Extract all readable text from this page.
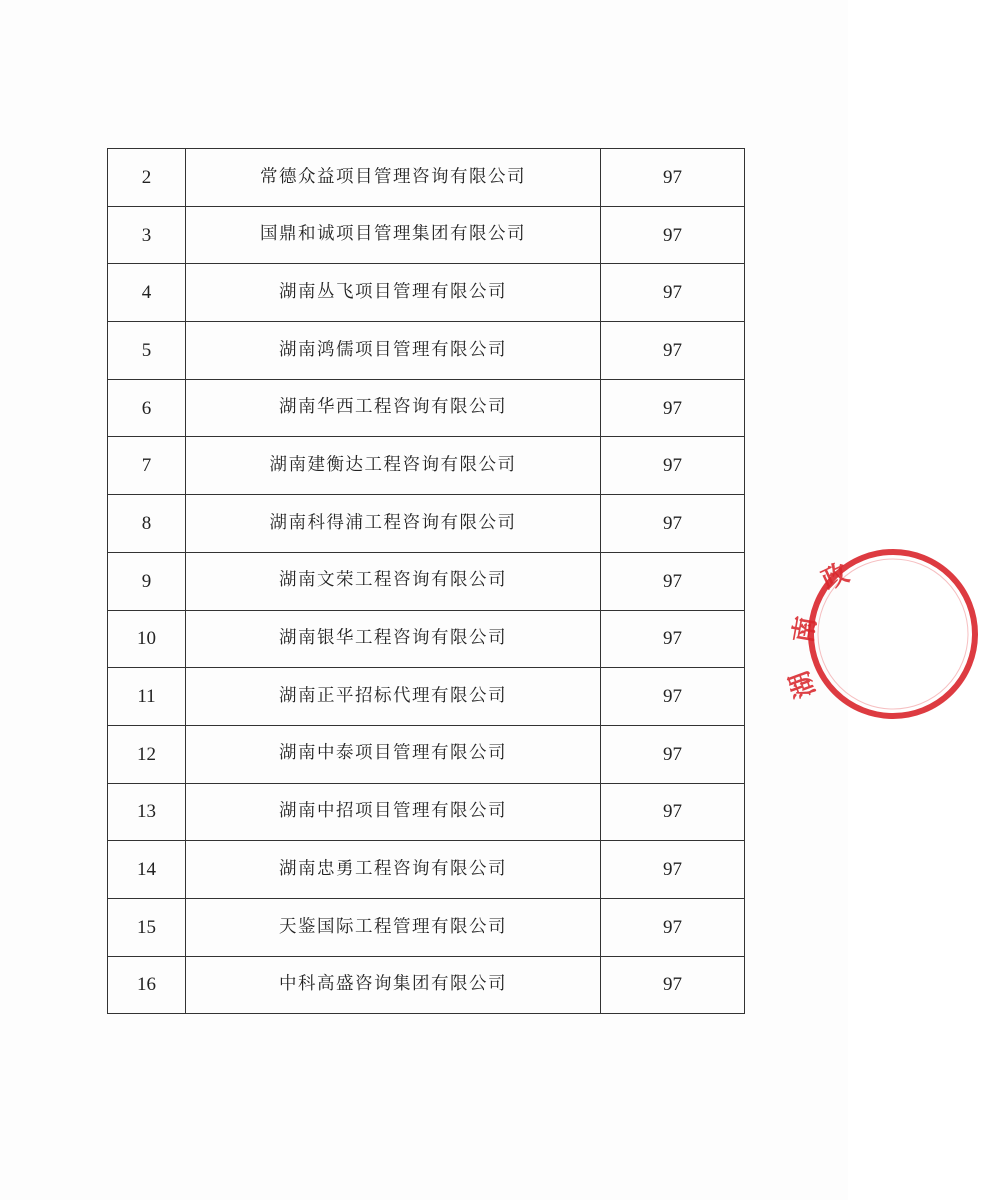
2	常德众益项目管理咨询有限公司	97
3	国鼎和诚项目管理集团有限公司	97
4	湖南丛飞项目管理有限公司	97
5	湖南鸿儒项目管理有限公司	97
6	湖南华西工程咨询有限公司	97
7	湖南建衡达工程咨询有限公司	97
8	湖南科得浦工程咨询有限公司	97
9	湖南文荣工程咨询有限公司	97
10	湖南银华工程咨询有限公司	97
11	湖南正平招标代理有限公司	97
12	湖南中泰项目管理有限公司	97
13	湖南中招项目管理有限公司	97
14	湖南忠勇工程咨询有限公司	97
15	天鉴国际工程管理有限公司	97
16	中科高盛咨询集团有限公司	97
政
南
湖
